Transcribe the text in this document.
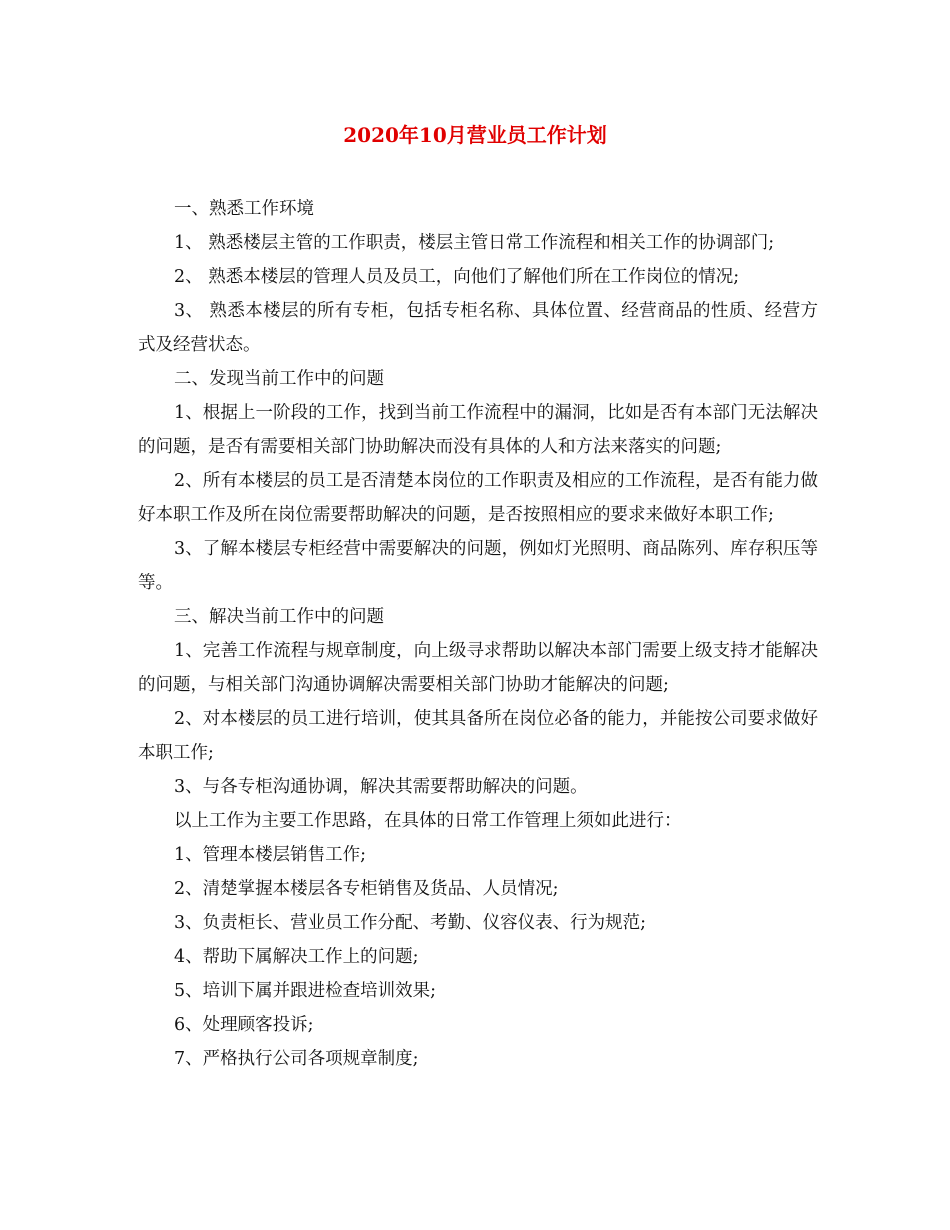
2020年10月营业员工作计划

一、熟悉工作环境

1、 熟悉楼层主管的工作职责，楼层主管日常工作流程和相关工作的协调部门;

2、 熟悉本楼层的管理人员及员工，向他们了解他们所在工作岗位的情况;

3、 熟悉本楼层的所有专柜，包括专柜名称、具体位置、经营商品的性质、经营方式及经营状态。

二、发现当前工作中的问题

1、根据上一阶段的工作，找到当前工作流程中的漏洞，比如是否有本部门无法解决的问题，是否有需要相关部门协助解决而没有具体的人和方法来落实的问题;

2、所有本楼层的员工是否清楚本岗位的工作职责及相应的工作流程，是否有能力做好本职工作及所在岗位需要帮助解决的问题，是否按照相应的要求来做好本职工作;

3、了解本楼层专柜经营中需要解决的问题，例如灯光照明、商品陈列、库存积压等等。

三、解决当前工作中的问题

1、完善工作流程与规章制度，向上级寻求帮助以解决本部门需要上级支持才能解决的问题，与相关部门沟通协调解决需要相关部门协助才能解决的问题;

2、对本楼层的员工进行培训，使其具备所在岗位必备的能力，并能按公司要求做好本职工作;

3、与各专柜沟通协调，解决其需要帮助解决的问题。

以上工作为主要工作思路，在具体的日常工作管理上须如此进行：

1、管理本楼层销售工作;

2、清楚掌握本楼层各专柜销售及货品、人员情况;

3、负责柜长、营业员工作分配、考勤、仪容仪表、行为规范;

4、帮助下属解决工作上的问题;

5、培训下属并跟进检查培训效果;

6、处理顾客投诉;

7、严格执行公司各项规章制度;
